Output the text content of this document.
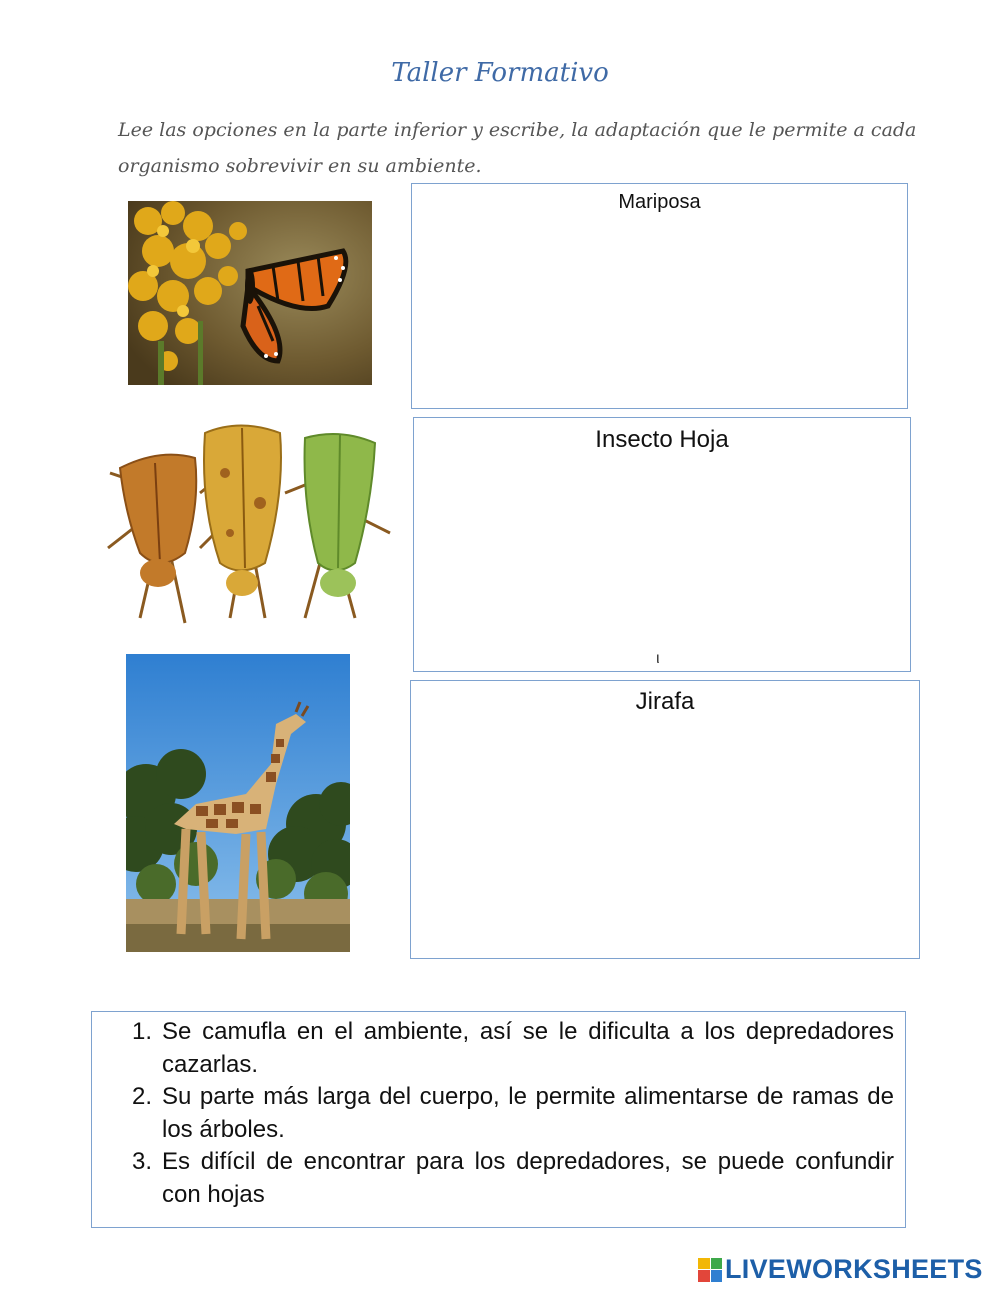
Taller Formativo
Lee las opciones en la parte inferior y escribe, la adaptación que le permite a cada organismo sobrevivir en su ambiente.
Mariposa
Insecto Hoja
ι
Jirafa
1. Se camufla en el ambiente, así se le dificulta a los depredadores cazarlas.
2. Su parte más larga del cuerpo, le permite alimentarse de ramas de los árboles.
3. Es difícil de encontrar para los depredadores, se puede confundir con hojas
LIVEWORKSHEETS
